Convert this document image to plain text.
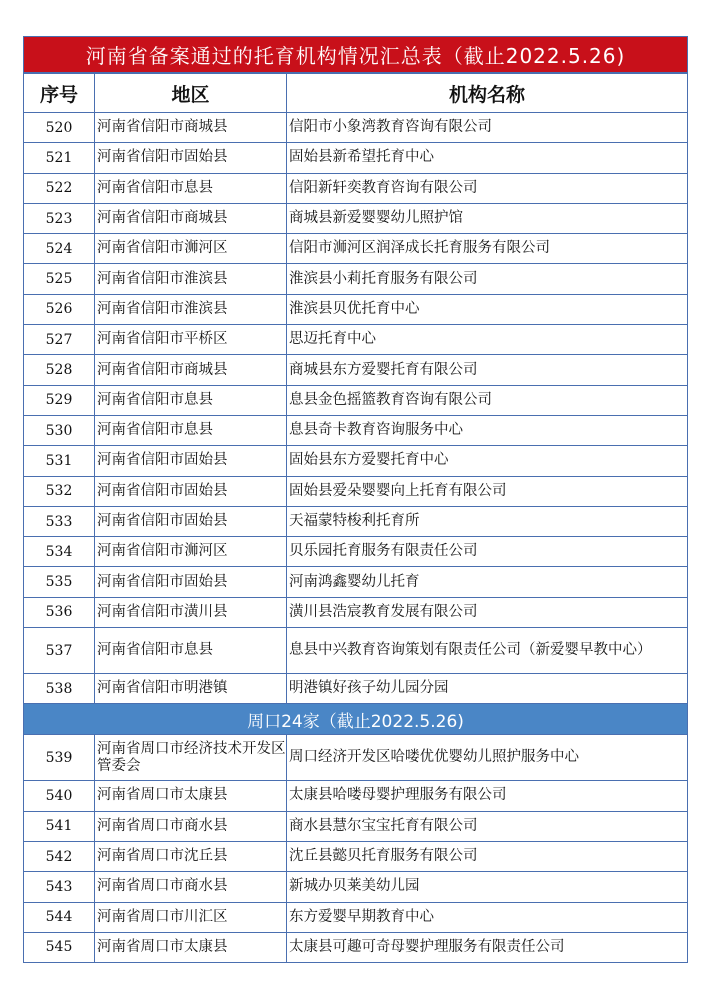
河南省备案通过的托育机构情况汇总表（截止2022.5.26)		
序号	地区	机构名称
520	河南省信阳市商城县	信阳市小象湾教育咨询有限公司
521	河南省信阳市固始县	固始县新希望托育中心
522	河南省信阳市息县	信阳新轩奕教育咨询有限公司
523	河南省信阳市商城县	商城县新爱婴婴幼儿照护馆
524	河南省信阳市浉河区	信阳市浉河区润泽成长托育服务有限公司
525	河南省信阳市淮滨县	淮滨县小莉托育服务有限公司
526	河南省信阳市淮滨县	淮滨县贝优托育中心
527	河南省信阳市平桥区	思迈托育中心
528	河南省信阳市商城县	商城县东方爱婴托育有限公司
529	河南省信阳市息县	息县金色摇篮教育咨询有限公司
530	河南省信阳市息县	息县奇卡教育咨询服务中心
531	河南省信阳市固始县	固始县东方爱婴托育中心
532	河南省信阳市固始县	固始县爱朵婴婴向上托育有限公司
533	河南省信阳市固始县	天福蒙特梭利托育所
534	河南省信阳市浉河区	贝乐园托育服务有限责任公司
535	河南省信阳市固始县	河南鸿鑫婴幼儿托育
536	河南省信阳市潢川县	潢川县浩宸教育发展有限公司
537	河南省信阳市息县	息县中兴教育咨询策划有限责任公司（新爱婴早教中心）
538	河南省信阳市明港镇	明港镇好孩子幼儿园分园
周口24家（截止2022.5.26)		
539	河南省周口市经济技术开发区管委会	周口经济开发区哈喽优优婴幼儿照护服务中心
540	河南省周口市太康县	太康县哈喽母婴护理服务有限公司
541	河南省周口市商水县	商水县慧尔宝宝托育有限公司
542	河南省周口市沈丘县	沈丘县懿贝托育服务有限公司
543	河南省周口市商水县	新城办贝莱美幼儿园
544	河南省周口市川汇区	东方爱婴早期教育中心
545	河南省周口市太康县	太康县可趣可奇母婴护理服务有限责任公司
